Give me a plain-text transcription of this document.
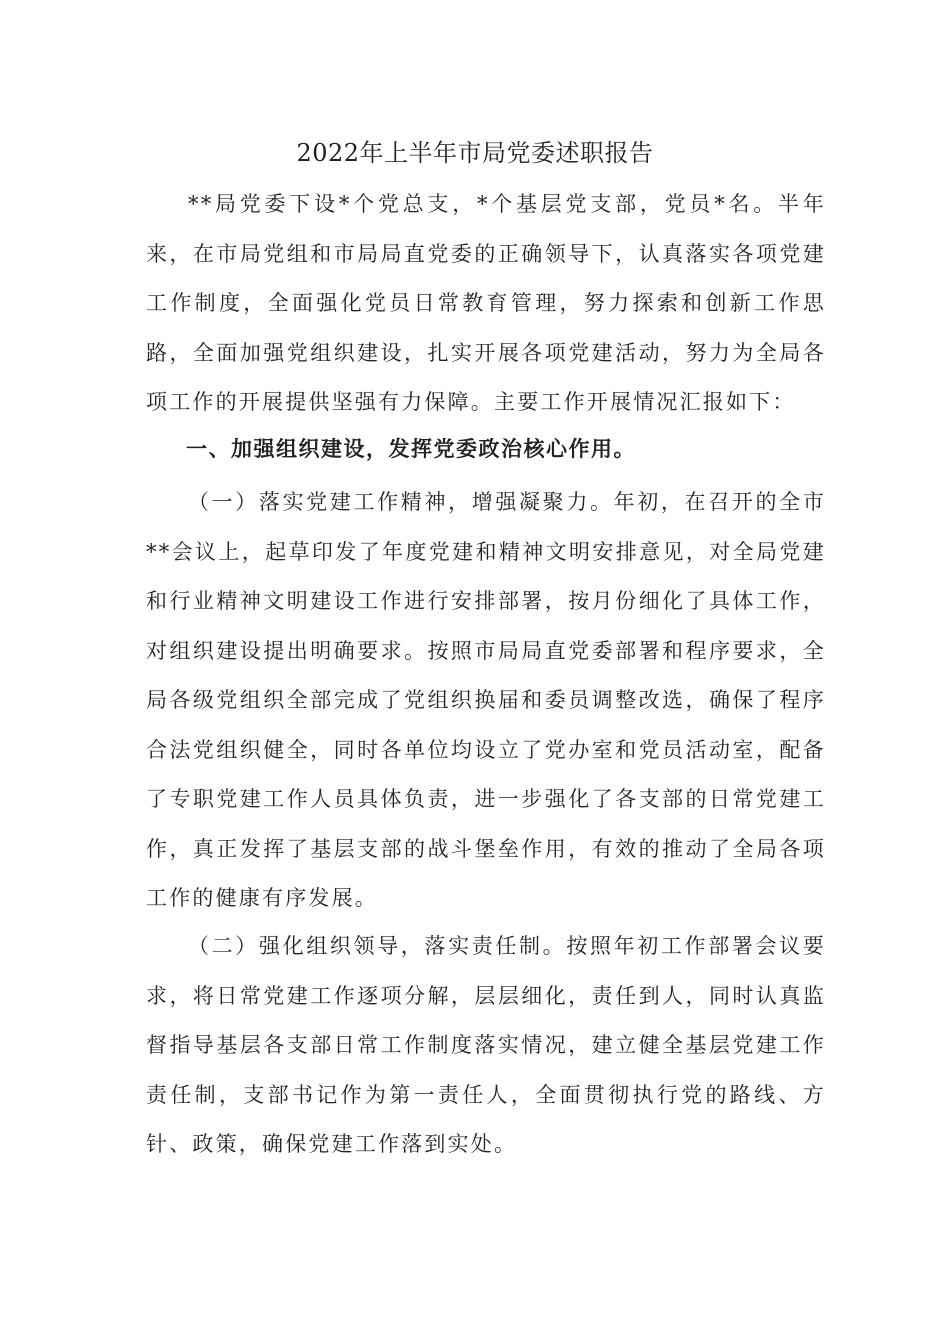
2022年上半年市局党委述职报告

**局党委下设*个党总支，*个基层党支部，党员*名。半年来，在市局党组和市局局直党委的正确领导下，认真落实各项党建工作制度，全面强化党员日常教育管理，努力探索和创新工作思路，全面加强党组织建设，扎实开展各项党建活动，努力为全局各项工作的开展提供坚强有力保障。主要工作开展情况汇报如下：

一、加强组织建设，发挥党委政治核心作用。

（一）落实党建工作精神，增强凝聚力。年初，在召开的全市**会议上，起草印发了年度党建和精神文明安排意见，对全局党建和行业精神文明建设工作进行安排部署，按月份细化了具体工作，对组织建设提出明确要求。按照市局局直党委部署和程序要求，全局各级党组织全部完成了党组织换届和委员调整改选，确保了程序合法党组织健全，同时各单位均设立了党办室和党员活动室，配备了专职党建工作人员具体负责，进一步强化了各支部的日常党建工作，真正发挥了基层支部的战斗堡垒作用，有效的推动了全局各项工作的健康有序发展。

（二）强化组织领导，落实责任制。按照年初工作部署会议要求，将日常党建工作逐项分解，层层细化，责任到人，同时认真监督指导基层各支部日常工作制度落实情况，建立健全基层党建工作责任制，支部书记作为第一责任人，全面贯彻执行党的路线、方针、政策，确保党建工作落到实处。
